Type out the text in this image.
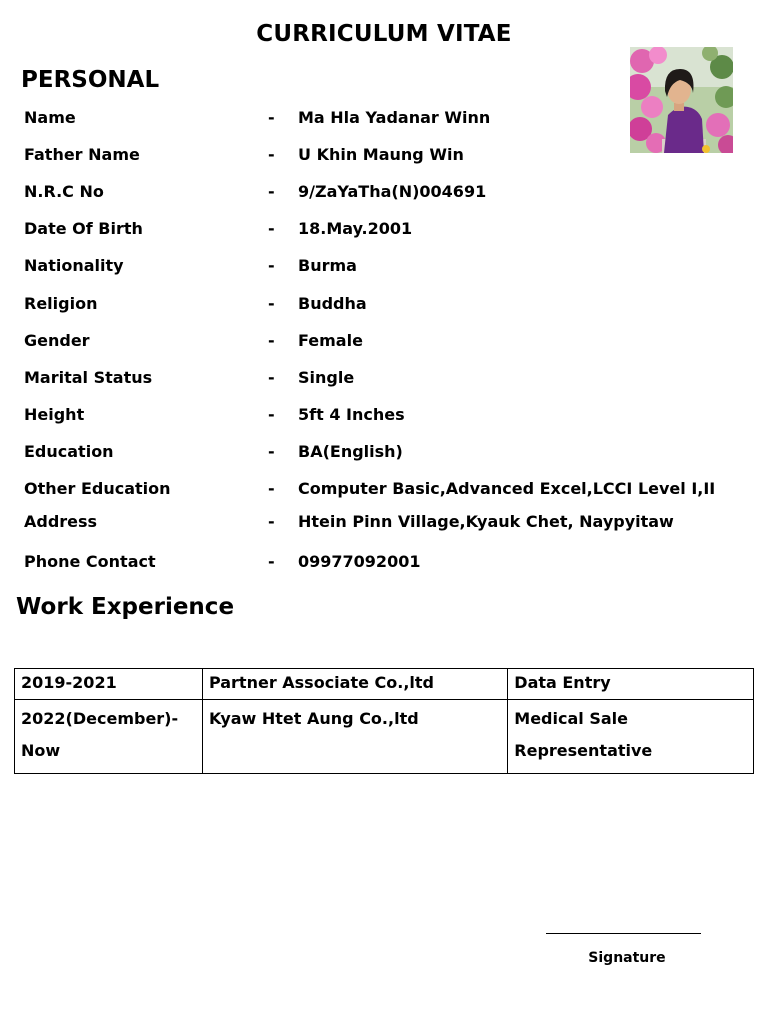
CURRICULUM VITAE
PERSONAL
Name	- Ma Hla Yadanar Winn
Father Name	- U Khin Maung Win
N.R.C No	- 9/ZaYaTha(N)004691
Date Of Birth	- 18.May.2001
Nationality	- Burma
Religion	- Buddha
Gender	- Female
Marital Status	- Single
Height	- 5ft 4 Inches
Education	- BA(English)
Other Education	- Computer Basic,Advanced Excel,LCCI Level I,II
Address	- Htein Pinn Village,Kyauk Chet, Naypyitaw
Phone Contact	- 09977092001
Work Experience
2019-2021	Partner Associate Co.,ltd	Data Entry
2022(December)- Now	Kyaw Htet Aung Co.,ltd	Medical Sale Representative
Signature
